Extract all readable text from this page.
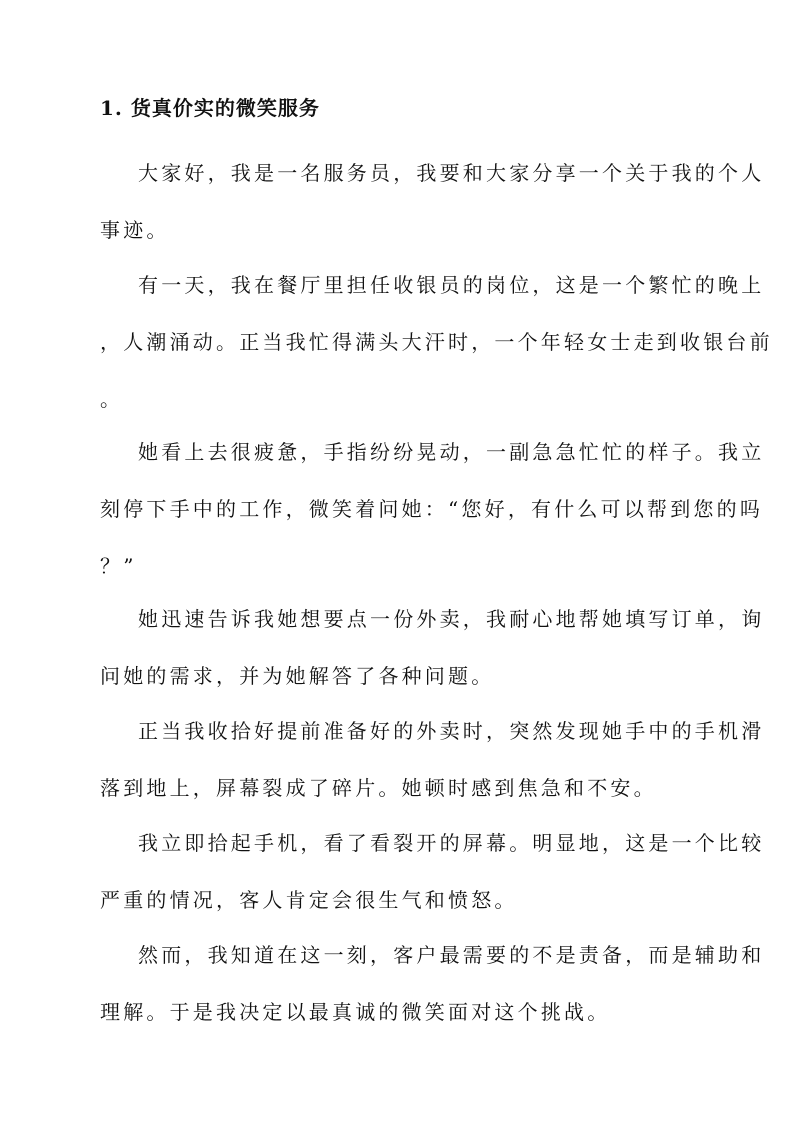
1. 货真价实的微笑服务
大家好，我是一名服务员，我要和大家分享一个关于我的个人
事迹。
有一天，我在餐厅里担任收银员的岗位，这是一个繁忙的晚上
，人潮涌动。正当我忙得满头大汗时，一个年轻女士走到收银台前
。
她看上去很疲惫，手指纷纷晃动，一副急急忙忙的样子。我立
刻停下手中的工作，微笑着问她：“您好，有什么可以帮到您的吗
？”
她迅速告诉我她想要点一份外卖，我耐心地帮她填写订单，询
问她的需求，并为她解答了各种问题。
正当我收拾好提前准备好的外卖时，突然发现她手中的手机滑
落到地上，屏幕裂成了碎片。她顿时感到焦急和不安。
我立即拾起手机，看了看裂开的屏幕。明显地，这是一个比较
严重的情况，客人肯定会很生气和愤怒。
然而，我知道在这一刻，客户最需要的不是责备，而是辅助和
理解。于是我决定以最真诚的微笑面对这个挑战。
